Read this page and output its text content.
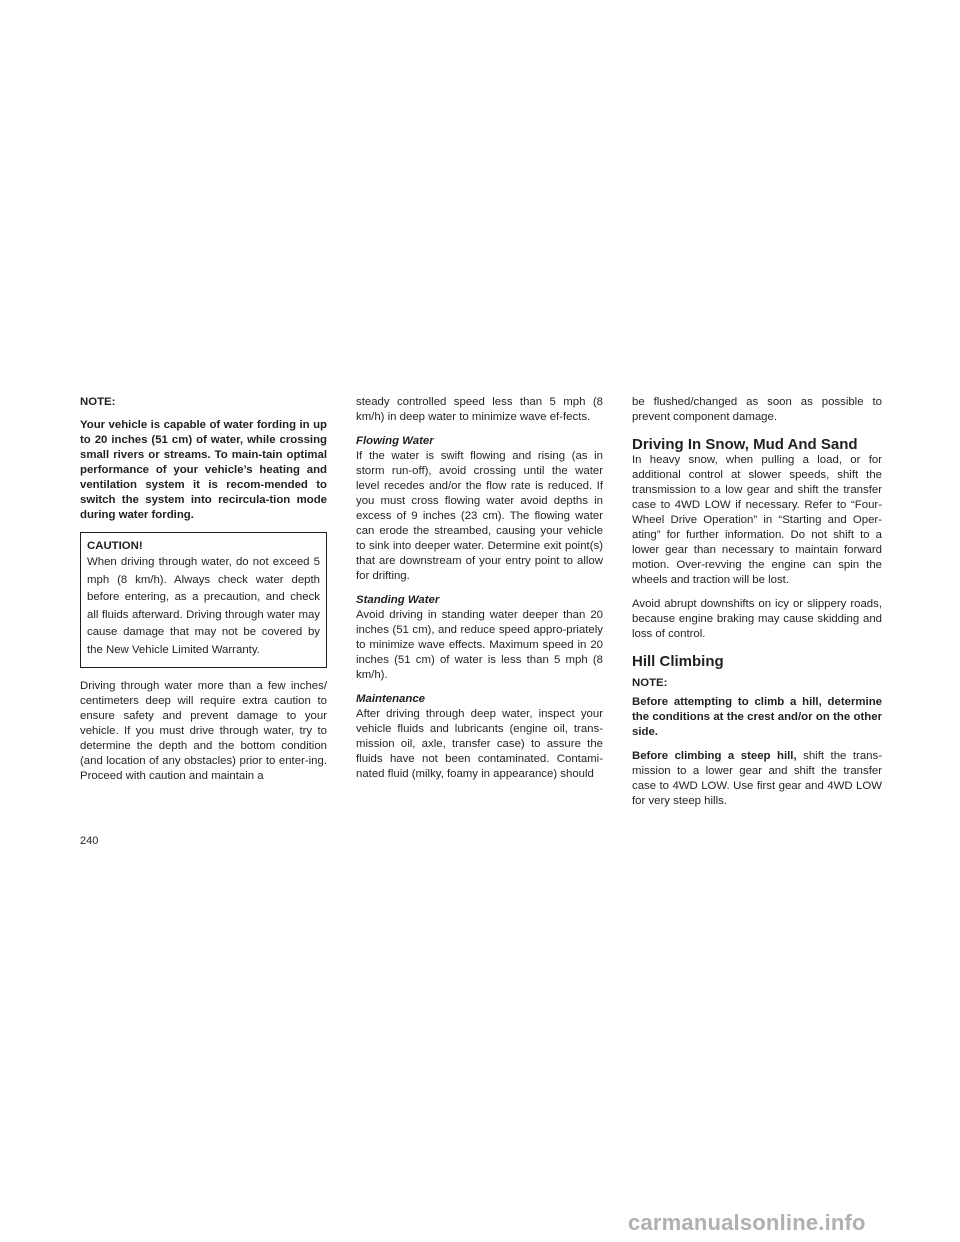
NOTE:

Your vehicle is capable of water fording in up to 20 inches (51 cm) of water, while crossing small rivers or streams. To main-tain optimal performance of your vehicle’s heating and ventilation system it is recom-mended to switch the system into recircula-tion mode during water fording.

CAUTION!
When driving through water, do not exceed 5 mph (8 km/h). Always check water depth before entering, as a precaution, and check all fluids afterward. Driving through water may cause damage that may not be covered by the New Vehicle Limited Warranty.

Driving through water more than a few inches/ centimeters deep will require extra caution to ensure safety and prevent damage to your vehicle. If you must drive through water, try to determine the depth and the bottom condition (and location of any obstacles) prior to enter-ing. Proceed with caution and maintain a

steady controlled speed less than 5 mph (8 km/h) in deep water to minimize wave ef-fects.

Flowing Water

If the water is swift flowing and rising (as in storm run-off), avoid crossing until the water level recedes and/or the flow rate is reduced. If you must cross flowing water avoid depths in excess of 9 inches (23 cm). The flowing water can erode the streambed, causing your vehicle to sink into deeper water. Determine exit point(s) that are downstream of your entry point to allow for drifting.

Standing Water

Avoid driving in standing water deeper than 20 inches (51 cm), and reduce speed appro-priately to minimize wave effects. Maximum speed in 20 inches (51 cm) of water is less than 5 mph (8 km/h).

Maintenance

After driving through deep water, inspect your vehicle fluids and lubricants (engine oil, trans-mission oil, axle, transfer case) to assure the fluids have not been contaminated. Contami-nated fluid (milky, foamy in appearance) should

be flushed/changed as soon as possible to prevent component damage.

Driving In Snow, Mud And Sand

In heavy snow, when pulling a load, or for additional control at slower speeds, shift the transmission to a low gear and shift the transfer case to 4WD LOW if necessary. Refer to “Four-Wheel Drive Operation” in “Starting and Oper-ating” for further information. Do not shift to a lower gear than necessary to maintain forward motion. Over-revving the engine can spin the wheels and traction will be lost.

Avoid abrupt downshifts on icy or slippery roads, because engine braking may cause skidding and loss of control.

Hill Climbing

NOTE:

Before attempting to climb a hill, determine the conditions at the crest and/or on the other side.

Before climbing a steep hill, shift the trans-mission to a lower gear and shift the transfer case to 4WD LOW. Use first gear and 4WD LOW for very steep hills.

240
carmanualsonline.info
